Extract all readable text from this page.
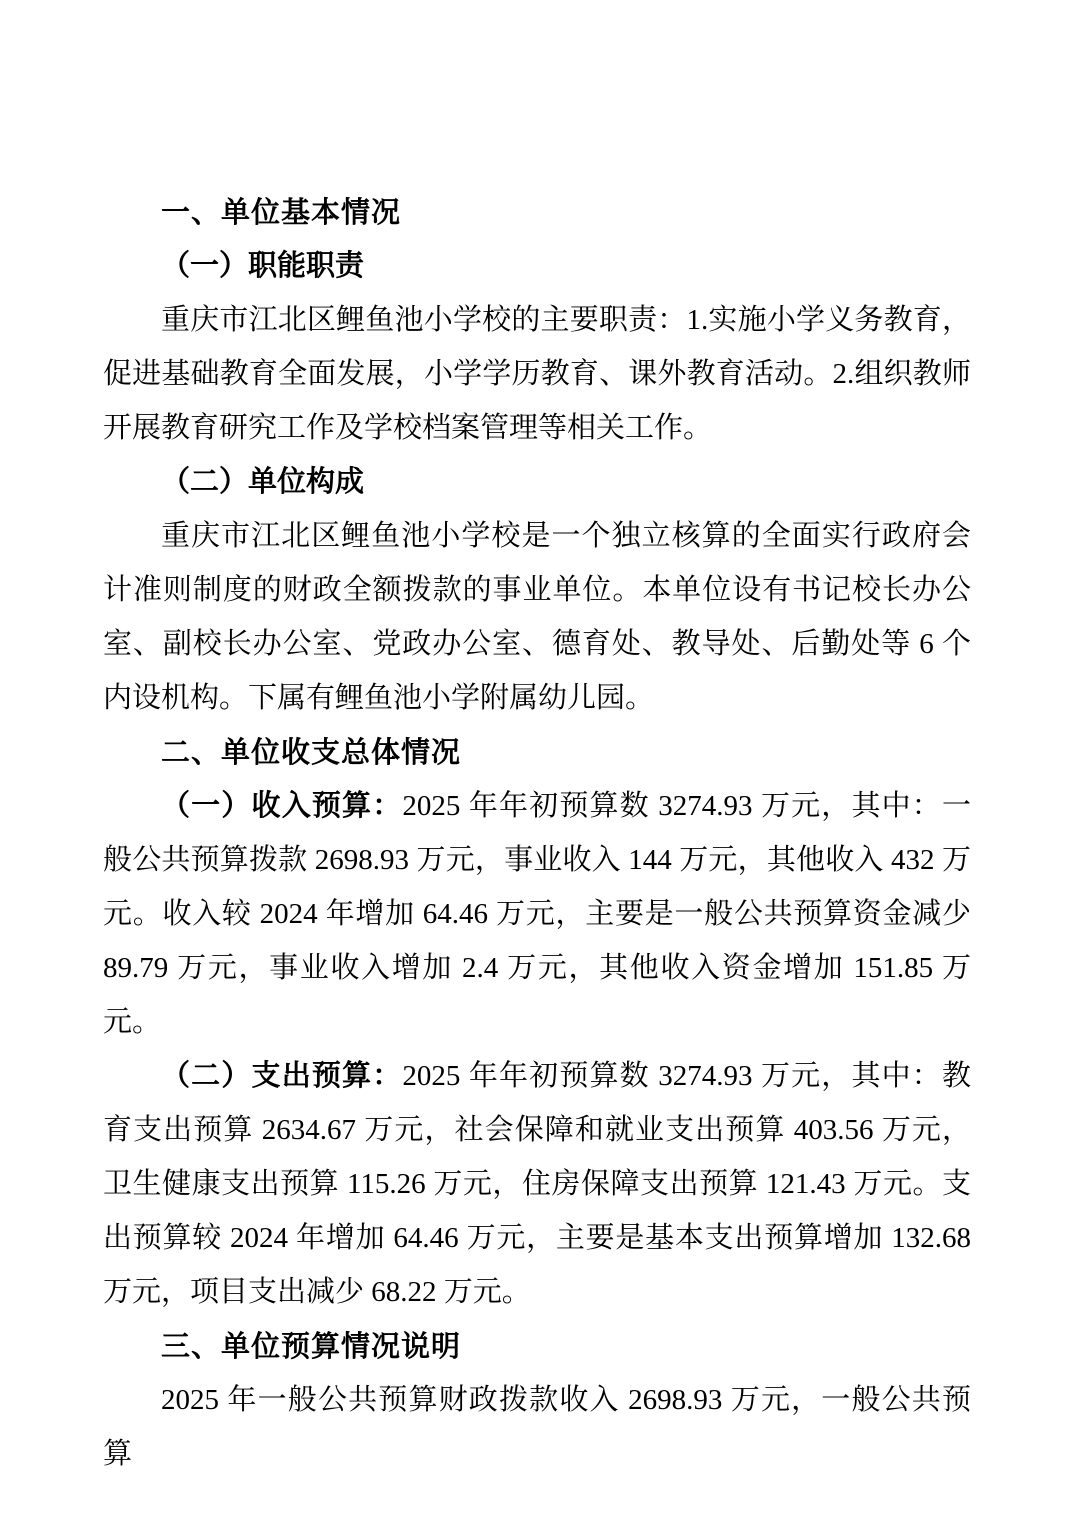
一、单位基本情况
（一）职能职责

重庆市江北区鲤鱼池小学校的主要职责：1.实施小学义务教育，促进基础教育全面发展，小学学历教育、课外教育活动。2.组织教师开展教育研究工作及学校档案管理等相关工作。

（二）单位构成

重庆市江北区鲤鱼池小学校是一个独立核算的全面实行政府会计准则制度的财政全额拨款的事业单位。本单位设有书记校长办公室、副校长办公室、党政办公室、德育处、教导处、后勤处等 6 个内设机构。下属有鲤鱼池小学附属幼儿园。

二、单位收支总体情况

（一）收入预算：2025 年年初预算数 3274.93 万元，其中：一般公共预算拨款 2698.93 万元，事业收入 144 万元，其他收入 432 万元。收入较 2024 年增加 64.46 万元，主要是一般公共预算资金减少 89.79 万元，事业收入增加 2.4 万元，其他收入资金增加 151.85 万元。

（二）支出预算：2025 年年初预算数 3274.93 万元，其中：教育支出预算 2634.67 万元，社会保障和就业支出预算 403.56 万元，卫生健康支出预算 115.26 万元，住房保障支出预算 121.43 万元。支出预算较 2024 年增加 64.46 万元，主要是基本支出预算增加 132.68 万元，项目支出减少 68.22 万元。

三、单位预算情况说明

2025 年一般公共预算财政拨款收入 2698.93 万元，一般公共预算
